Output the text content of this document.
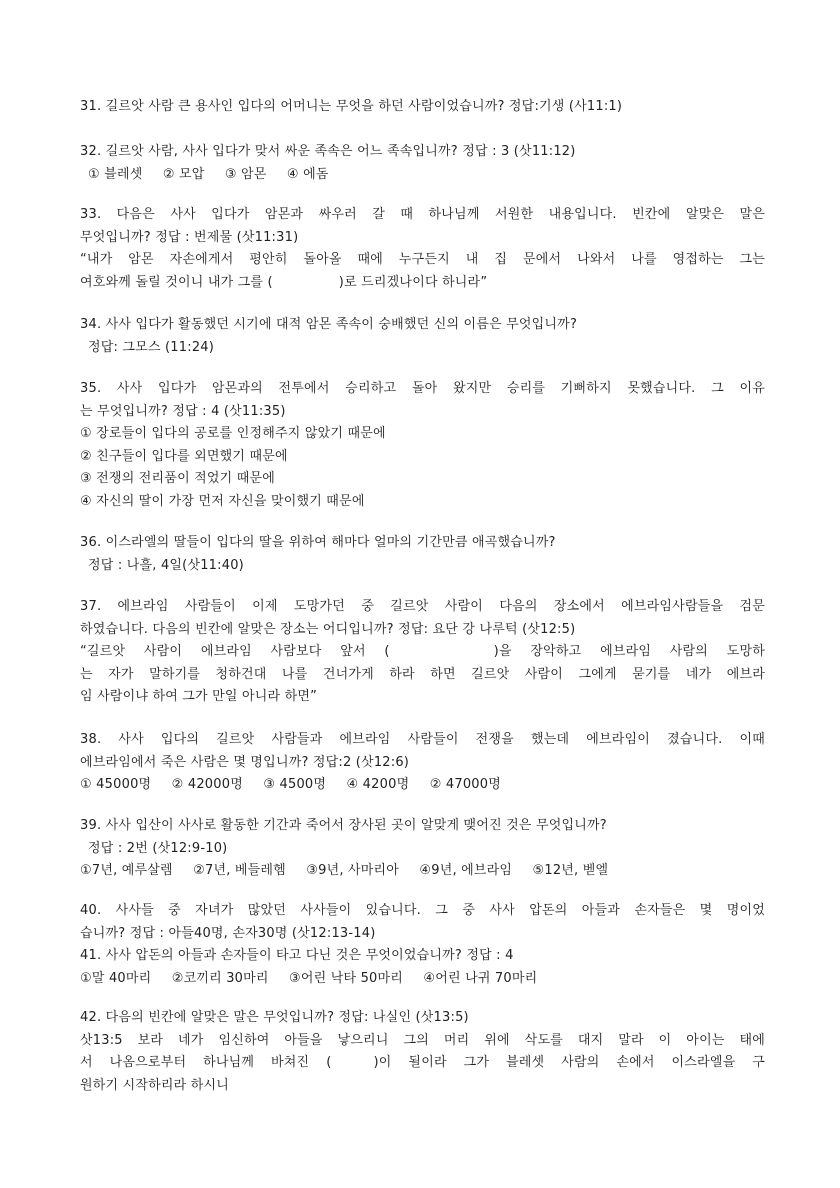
31. 길르앗 사람 큰 용사인 입다의 어머니는 무엇을 하던 사람이었습니까? 정답:기생 (사11:1)
32. 길르앗 사람, 사사 입다가 맞서 싸운 족속은 어느 족속입니까? 정답 : 3 (삿11:12)
① 블레셋 ② 모압 ③ 암몬 ④ 에돔
33. 다음은 사사 입다가 암몬과 싸우러 갈 때 하나님께 서원한 내용입니다. 빈칸에 알맞은 말은
무엇입니까? 정답 : 번제물 (삿11:31)
“내가 암몬 자손에게서 평안히 돌아올 때에 누구든지 내 집 문에서 나와서 나를 영접하는 그는
여호와께 돌릴 것이니 내가 그를 (	)로 드리겠나이다 하니라”
34. 사사 입다가 활동했던 시기에 대적 암몬 족속이 숭배했던 신의 이름은 무엇입니까?
정답: 그모스 (11:24)
35. 사사 입다가 암몬과의 전투에서 승리하고 돌아 왔지만 승리를 기뻐하지 못했습니다. 그 이유
는 무엇입니까? 정답 : 4 (삿11:35)
① 장로들이 입다의 공로를 인정해주지 않았기 때문에
② 친구들이 입다를 외면했기 때문에
③ 전쟁의 전리품이 적었기 때문에
④ 자신의 딸이 가장 먼저 자신을 맞이했기 때문에
36. 이스라엘의 딸들이 입다의 딸을 위하여 해마다 얼마의 기간만큼 애곡했습니까?
정답 : 나흘, 4일(삿11:40)
37. 에브라임 사람들이 이제 도망가던 중 길르앗 사람이 다음의 장소에서 에브라임사람들을 검문
하였습니다. 다음의 빈칸에 알맞은 장소는 어디입니까? 정답: 요단 강 나루턱 (삿12:5)
“길르앗 사람이 에브라임 사람보다 앞서 (	)을 장악하고 에브라임 사람의 도망하
는 자가 말하기를 청하건대 나를 건너가게 하라 하면 길르앗 사람이 그에게 묻기를 네가 에브라
임 사람이냐 하여 그가 만일 아니라 하면”
38. 사사 입다의 길르앗 사람들과 에브라임 사람들이 전쟁을 했는데 에브라임이 졌습니다. 이때
에브라임에서 죽은 사람은 몇 명입니까? 정답:2 (삿12:6)
① 45000명 ② 42000명 ③ 4500명 ④ 4200명 ② 47000명
39. 사사 입산이 사사로 활동한 기간과 죽어서 장사된 곳이 알맞게 맺어진 것은 무엇입니까?
정답 : 2번 (삿12:9-10)
①7년, 예루살렘 ②7년, 베들레헴 ③9년, 사마리아 ④9년, 에브라임 ⑤12년, 벧엘
40. 사사들 중 자녀가 많았던 사사들이 있습니다. 그 중 사사 압돈의 아들과 손자들은 몇 명이었
습니까? 정답 : 아들40명, 손자30명 (삿12:13-14)
41. 사사 압돈의 아들과 손자들이 타고 다닌 것은 무엇이었습니까? 정답 : 4
①말 40마리 ②코끼리 30마리 ③어린 낙타 50마리 ④어린 나귀 70마리
42. 다음의 빈칸에 알맞은 말은 무엇입니까? 정답: 나실인 (삿13:5)
삿13:5 보라 네가 임신하여 아들을 낳으리니 그의 머리 위에 삭도를 대지 말라 이 아이는 태에
서 나옴으로부터 하나님께 바쳐진 (	)이 될이라 그가 블레셋 사람의 손에서 이스라엘을 구
원하기 시작하리라 하시니
